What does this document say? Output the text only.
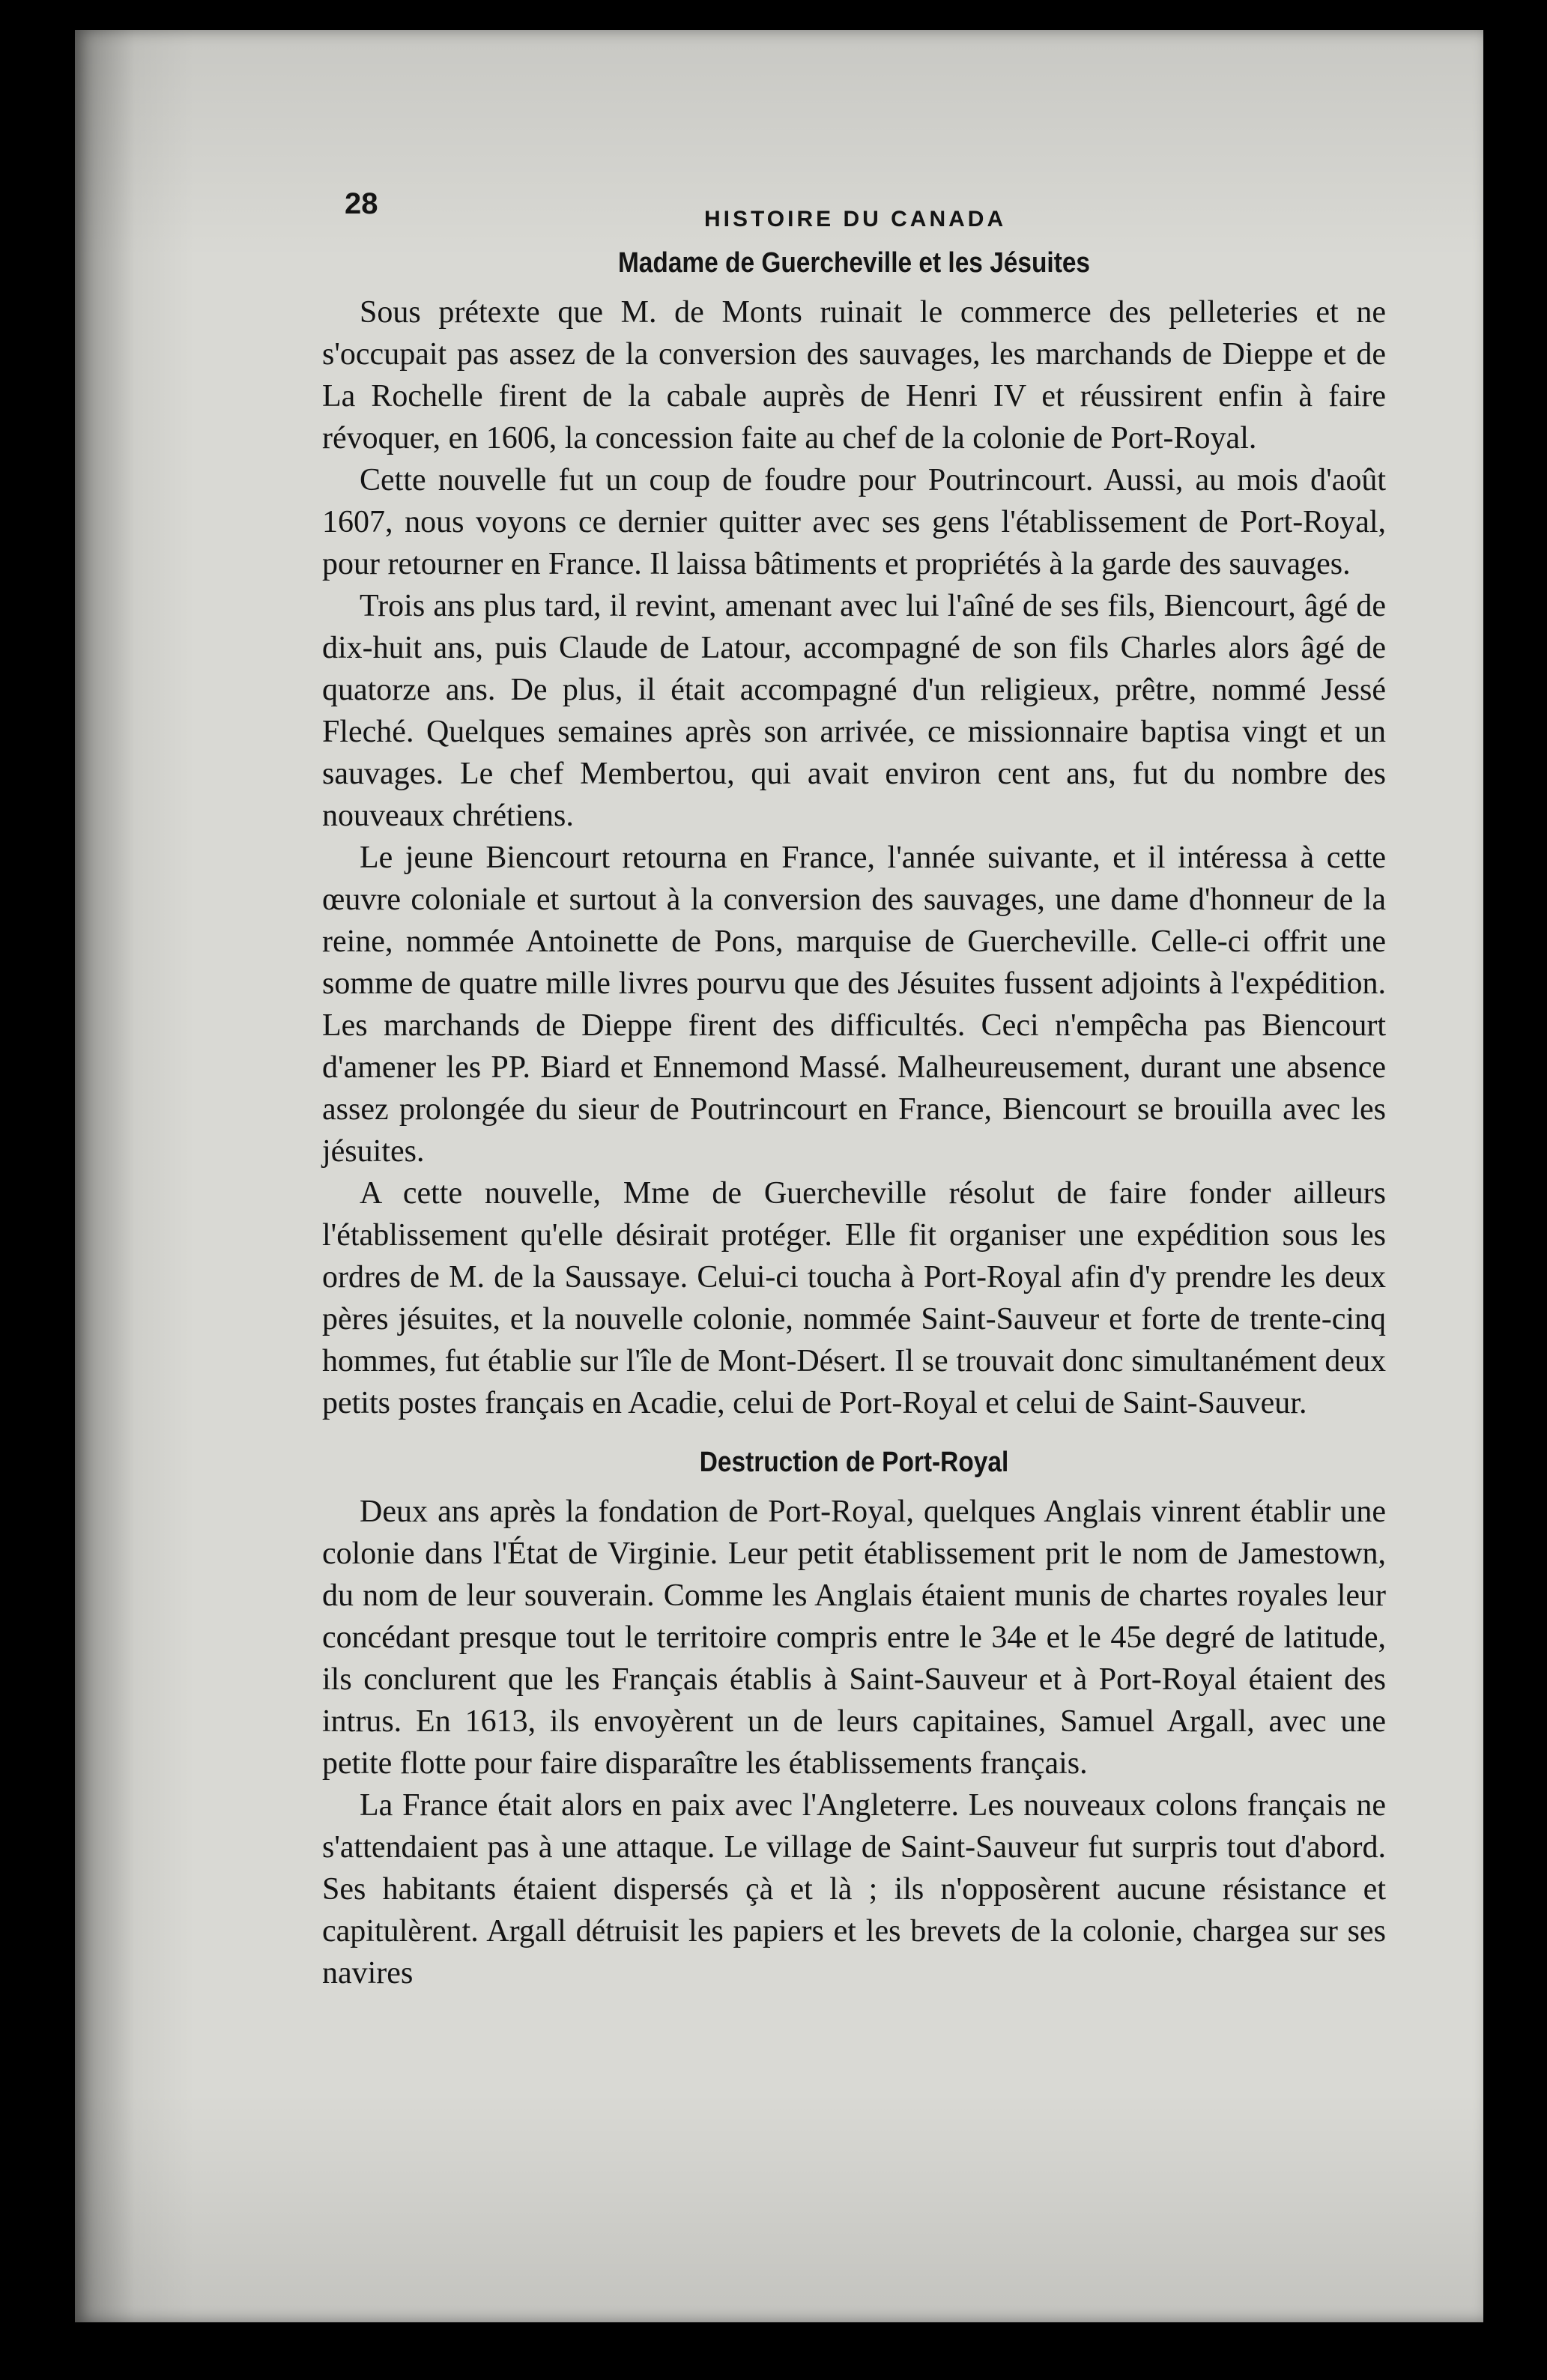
28	HISTOIRE DU CANADA
Madame de Guercheville et les Jésuites

Sous prétexte que M. de Monts ruinait le commerce des pelleteries et ne s'occupait pas assez de la conversion des sauvages, les marchands de Dieppe et de La Rochelle firent de la cabale auprès de Henri IV et réussirent enfin à faire révoquer, en 1606, la concession faite au chef de la colonie de Port-Royal.

Cette nouvelle fut un coup de foudre pour Poutrincourt. Aussi, au mois d'août 1607, nous voyons ce dernier quitter avec ses gens l'établissement de Port-Royal, pour retourner en France. Il laissa bâtiments et propriétés à la garde des sauvages.

Trois ans plus tard, il revint, amenant avec lui l'aîné de ses fils, Biencourt, âgé de dix-huit ans, puis Claude de Latour, accompagné de son fils Charles alors âgé de quatorze ans. De plus, il était accompagné d'un religieux, prêtre, nommé Jessé Fleché. Quelques semaines après son arrivée, ce missionnaire baptisa vingt et un sauvages. Le chef Membertou, qui avait environ cent ans, fut du nombre des nouveaux chrétiens.

Le jeune Biencourt retourna en France, l'année suivante, et il intéressa à cette œuvre coloniale et surtout à la conversion des sauvages, une dame d'honneur de la reine, nommée Antoinette de Pons, marquise de Guercheville. Celle-ci offrit une somme de quatre mille livres pourvu que des Jésuites fussent adjoints à l'expédition. Les marchands de Dieppe firent des difficultés. Ceci n'empêcha pas Biencourt d'amener les PP. Biard et Ennemond Massé. Malheureusement, durant une absence assez prolongée du sieur de Poutrincourt en France, Biencourt se brouilla avec les jésuites.

A cette nouvelle, Mme de Guercheville résolut de faire fonder ailleurs l'établissement qu'elle désirait protéger. Elle fit organiser une expédition sous les ordres de M. de la Saussaye. Celui-ci toucha à Port-Royal afin d'y prendre les deux pères jésuites, et la nouvelle colonie, nommée Saint-Sauveur et forte de trente-cinq hommes, fut établie sur l'île de Mont-Désert. Il se trouvait donc simultanément deux petits postes français en Acadie, celui de Port-Royal et celui de Saint-Sauveur.

Destruction de Port-Royal

Deux ans après la fondation de Port-Royal, quelques Anglais vinrent établir une colonie dans l'État de Virginie. Leur petit établissement prit le nom de Jamestown, du nom de leur souverain. Comme les Anglais étaient munis de chartes royales leur concédant presque tout le territoire compris entre le 34e et le 45e degré de latitude, ils conclurent que les Français établis à Saint-Sauveur et à Port-Royal étaient des intrus. En 1613, ils envoyèrent un de leurs capitaines, Samuel Argall, avec une petite flotte pour faire disparaître les établissements français.

La France était alors en paix avec l'Angleterre. Les nouveaux colons français ne s'attendaient pas à une attaque. Le village de Saint-Sauveur fut surpris tout d'abord. Ses habitants étaient dispersés çà et là ; ils n'opposèrent aucune résistance et capitulèrent. Argall détruisit les papiers et les brevets de la colonie, chargea sur ses navires
